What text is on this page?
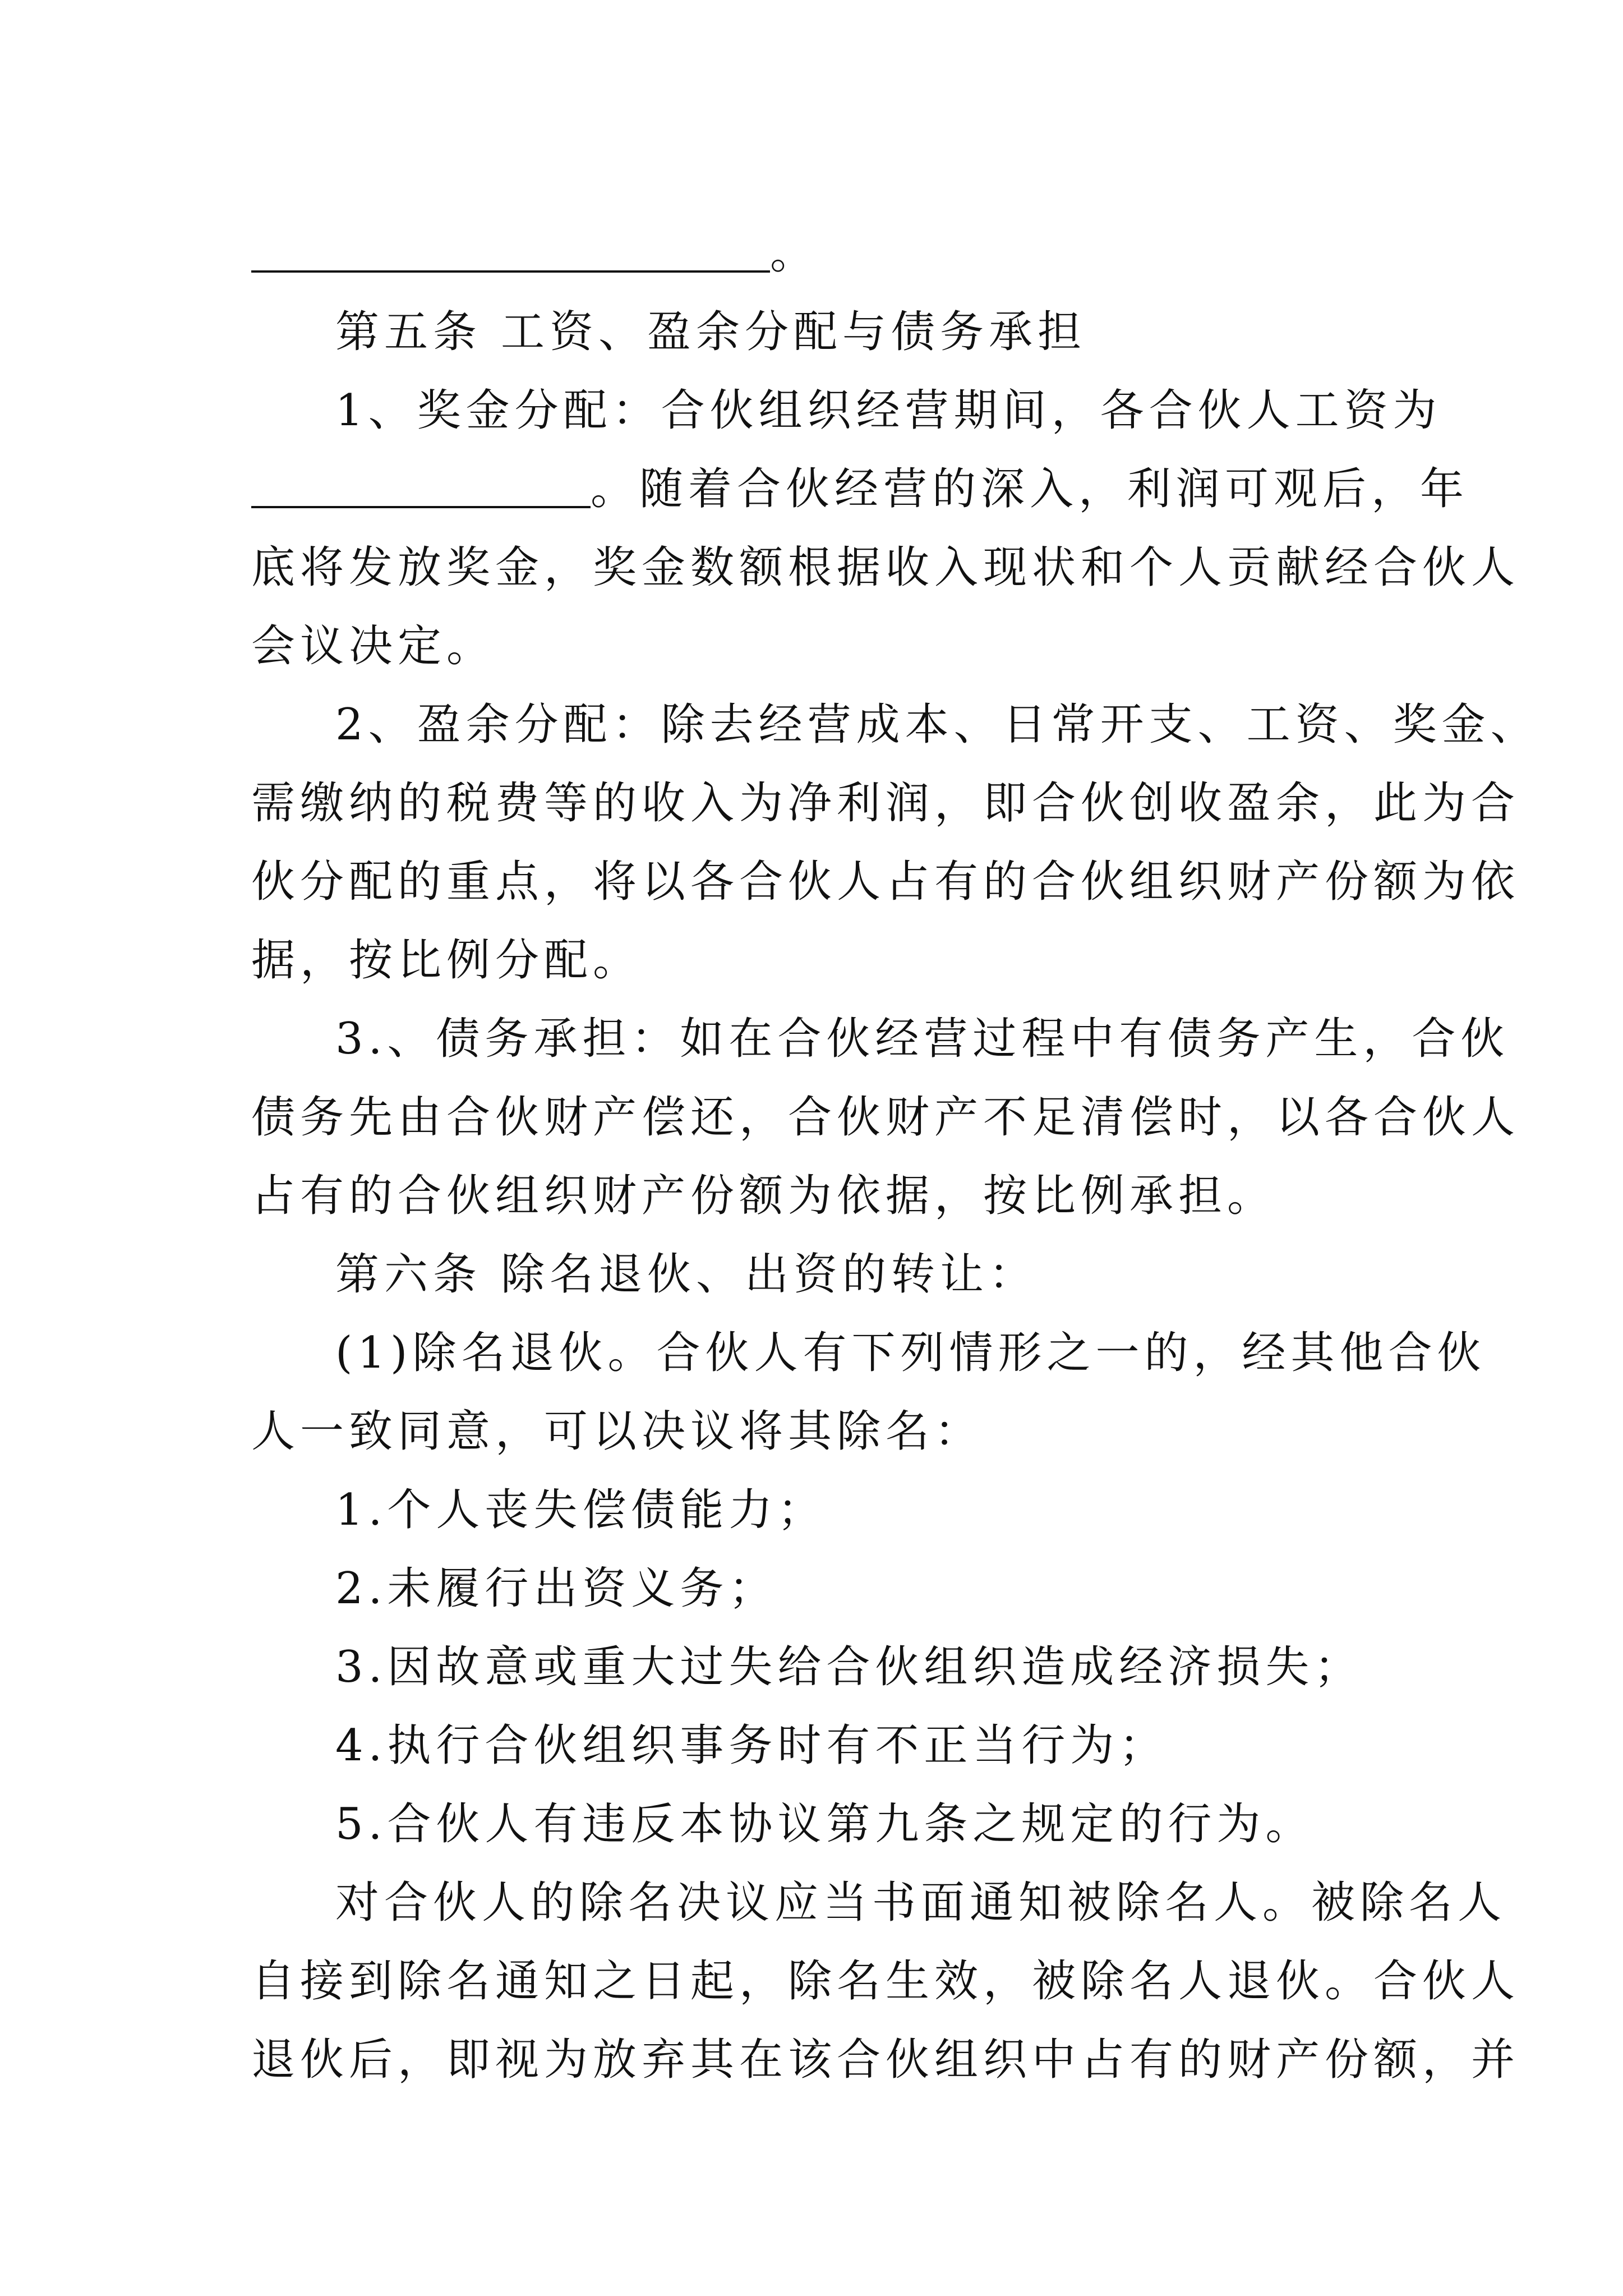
。
第五条 工资、盈余分配与债务承担
1、奖金分配：合伙组织经营期间，各合伙人工资为
。随着合伙经营的深入，利润可观后，年
底将发放奖金，奖金数额根据收入现状和个人贡献经合伙人
会议决定。
2、盈余分配：除去经营成本、日常开支、工资、奖金、
需缴纳的税费等的收入为净利润，即合伙创收盈余，此为合
伙分配的重点，将以各合伙人占有的合伙组织财产份额为依
据，按比例分配。
3.、债务承担：如在合伙经营过程中有债务产生，合伙
债务先由合伙财产偿还，合伙财产不足清偿时，以各合伙人
占有的合伙组织财产份额为依据，按比例承担。
第六条 除名退伙、出资的转让：
(1)除名退伙。合伙人有下列情形之一的，经其他合伙
人一致同意，可以决议将其除名：
1.个人丧失偿债能力；
2.未履行出资义务；
3.因故意或重大过失给合伙组织造成经济损失；
4.执行合伙组织事务时有不正当行为；
5.合伙人有违反本协议第九条之规定的行为。
对合伙人的除名决议应当书面通知被除名人。被除名人
自接到除名通知之日起，除名生效，被除名人退伙。合伙人
退伙后，即视为放弃其在该合伙组织中占有的财产份额，并
